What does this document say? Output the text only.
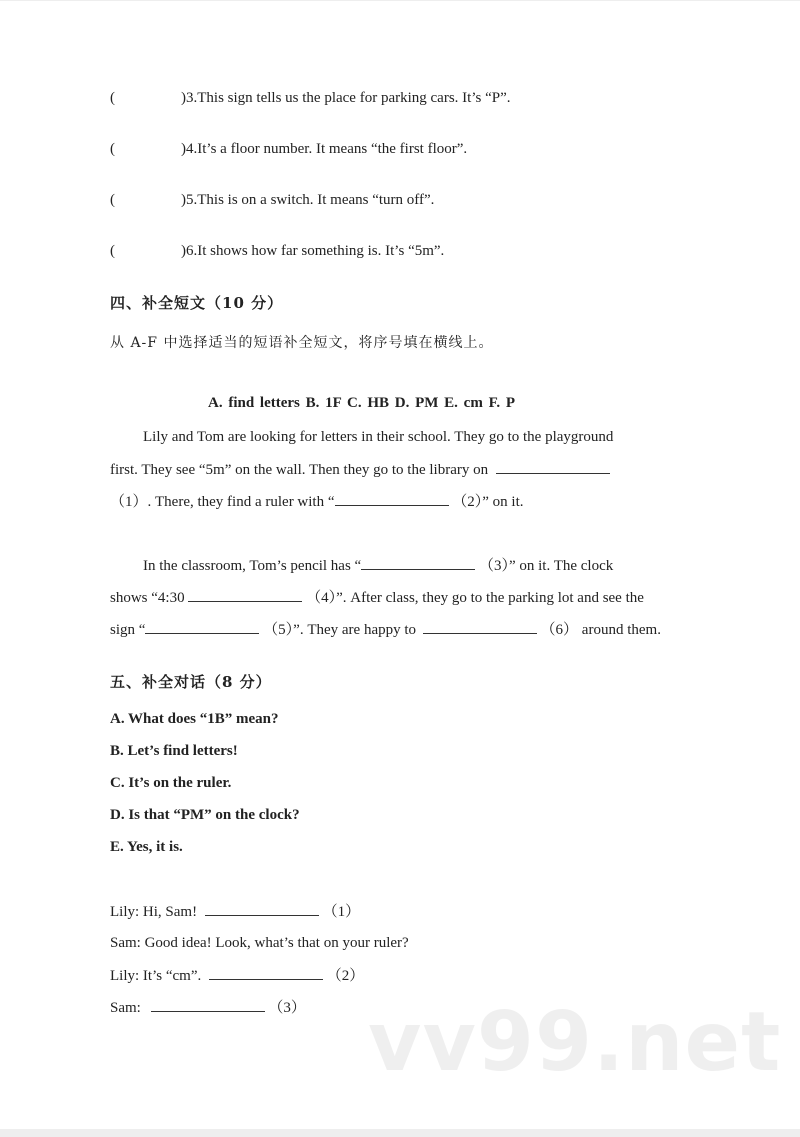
(	)3.This sign tells us the place for parking cars. It’s “P”.
(	)4.It’s a floor number. It means “the first floor”.
(	)5.This is on a switch. It means “turn off”.
(	)6.It shows how far something is. It’s “5m”.
四、补全短文（10 分）
从 A-F 中选择适当的短语补全短文，将序号填在横线上。
A. find letters B. 1F C. HB D. PM E. cm F. P
Lily and Tom are looking for letters in their school. They go to the playground
first. They see “5m” on the wall. Then they go to the library on
（1）. There, they find a ruler with “	（2）” on it.
In the classroom, Tom’s pencil has “	（3）” on it. The clock
shows “4:30	（4）”. After class, they go to the parking lot and see the
sign “	（5）”. They are happy to	（6） around them.
五、补全对话（8 分）
A. What does “1B” mean?
B. Let’s find letters!
C. It’s on the ruler.
D. Is that “PM” on the clock?
E. Yes, it is.
Lily: Hi, Sam!	（1）
Sam: Good idea! Look, what’s that on your ruler?
Lily: It’s “cm”.	（2）
Sam:	（3） vv99.net
